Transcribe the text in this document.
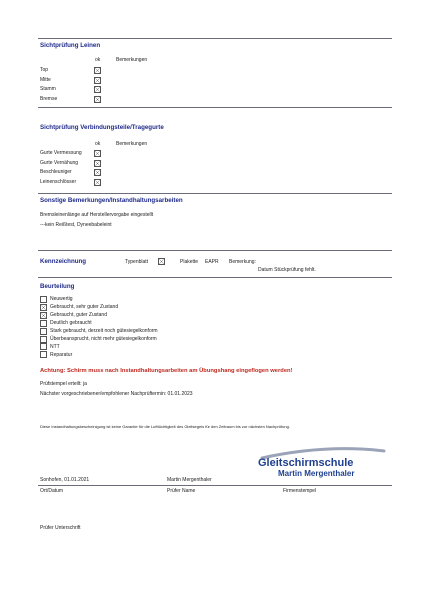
Sichtprüfung Leinen
ok	Bemerkungen
Top
Mitte
Stamm
Bremse
Sichtprüfung Verbindungsteile/Tragegurte
ok	Bemerkungen
Gurte Vermessung
Gurte Vernähung
Beschleuniger
Leinenschlösser
Sonstige Bemerkungen/Instandhaltungsarbeiten
Bremsleinenlänge auf Herstellervorgabe eingestellt
---kein Reißtest, Dyneebabeleint
Kennzeichnung	Typenblatt	Plakette EAPR Bemerkung:
Datum Stückprüfung fehlt.
Beurteilung
Neuwertig
Gebraucht, sehr guter Zustand
Gebraucht, guter Zustand
Deutlich gebraucht
Stark gebraucht, derzeit noch gütesiegelkonform
Überbeansprucht, nicht mehr gütesiegelkonform
NTT
Reparatur
Achtung: Schirm muss nach Instandhaltungsarbeiten am Übungshang eingeflogen werden!
Prüfstempel erteilt: ja
Nächster vorgeschriebener/empfohlener Nachprüftermin: 01.01.2023
Diese Instandhaltungsbescheinigung ist keine Garantie für die Lufttüchtigkeit des Gleitsegels für den Zeitraum bis zur nächsten Nachprüfung.
Gleitschirmschule
Martin Mergenthaler
Sonhofen, 01.01.2021	Martin Mergenthaler
Ort/Datum	Prüfer Name	Firmenstempel
Prüfer Unterschrift
